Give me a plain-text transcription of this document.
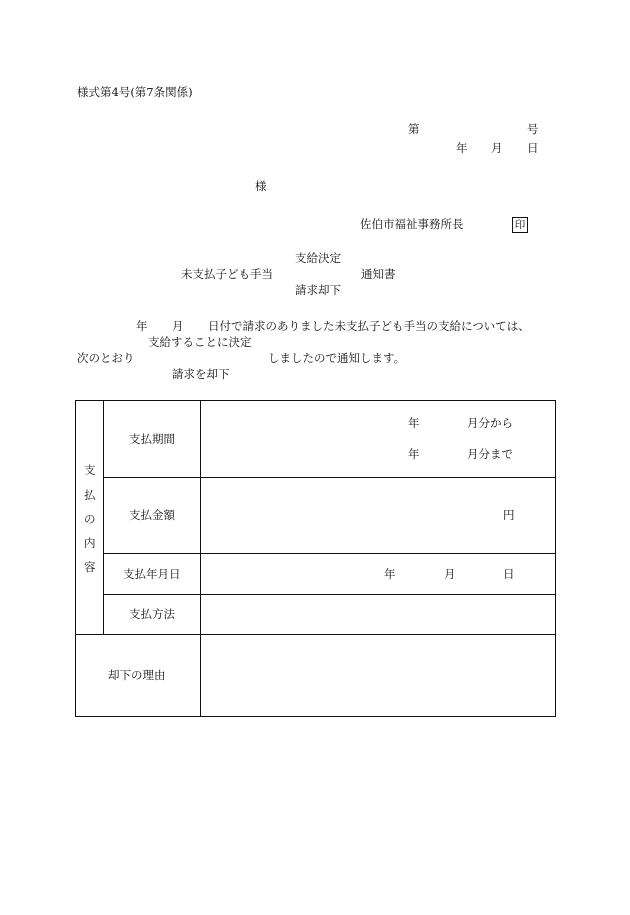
様式第4号(第7条関係)
第	号
年 月 日
様
佐伯市福祉事務所長	印
支給決定
未支払子ども手当	通知書
請求却下
年 月 日付で請求のありました未支払子ども手当の支給については、
支給することに決定
次のとおり	しましたので通知します。
請求を却下
支
払
の
内
容
支払期間
年	月分から
年	月分まで
支払金額	円
支払年月日	年	月	日
支払方法
却下の理由
